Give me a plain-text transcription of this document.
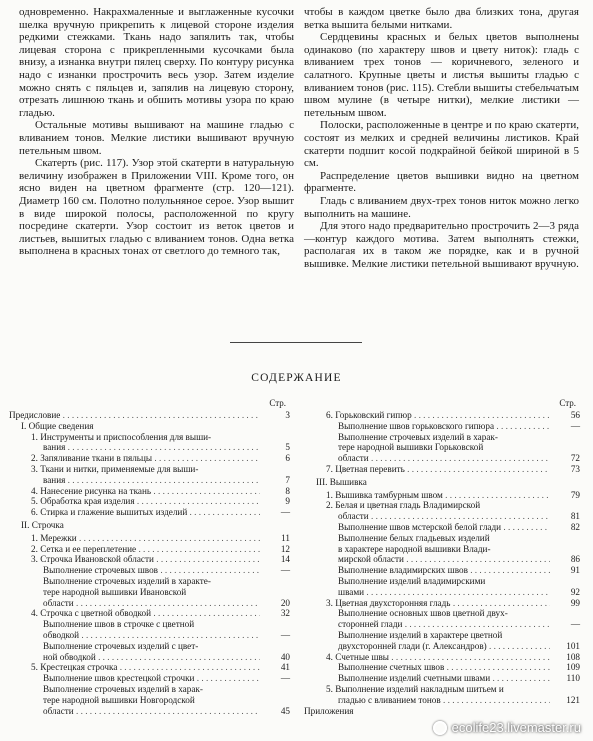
одновременно. Накрахмаленные и выглаженные кусочки шелка вручную прикрепить к лицевой стороне изделия редкими стежками. Ткань надо запялить так, чтобы лицевая сторона с прикрепленными кусочками была внизу, а изнанка внутри пялец сверху. По контуру рисунка надо с изнанки прострочить весь узор. Затем изделие можно снять с пяльцев и, запялив на лицевую сторону, отрезать лишнюю ткань и обшить мотивы узора по краю гладью.

Остальные мотивы вышивают на машине гладью с вливанием тонов. Мелкие листики вышивают вручную петельным швом.

Скатерть (рис. 117). Узор этой скатерти в натуральную величину изображен в Приложении VIII. Кроме того, он ясно виден на цветном фрагменте (стр. 120—121). Диаметр 160 см. Полотно полульняное серое. Узор вышит в виде широкой полосы, расположенной по кругу посредине скатерти. Узор состоит из веток цветов и листьев, вышитых гладью с вливанием тонов. Одна ветка выполнена в красных тонах от светлого до темного так,

чтобы в каждом цветке было два близких тона, другая ветка вышита белыми нитками.

Сердцевины красных и белых цветов выполнены одинаково (по характеру швов и цвету ниток): гладь с вливанием трех тонов — коричневого, зеленого и салатного. Крупные цветы и листья вышиты гладью с вливанием тонов (рис. 115). Стебли вышиты стебельчатым швом мулине (в четыре нитки), мелкие листики — петельным швом.

Полоски, расположенные в центре и по краю скатерти, состоят из мелких и средней величины листиков. Край скатерти подшит косой подкрайной бейкой шириной в 5 см.

Распределение цветов вышивки видно на цветном фрагменте.

Гладь с вливанием двух-трех тонов ниток можно легко выполнить на машине.

Для этого надо предварительно прострочить 2—3 ряда—контур каждого мотива. Затем выполнять стежки, располагая их в таком же порядке, как и в ручной вышивке. Мелкие листики петельной вышивают вручную.

СОДЕРЖАНИЕ
Стр.
Предисловие . . .	3
I. Общие сведения
1. Инструменты и приспособления для выши-
вания . . .	5
2. Запяливание ткани в пяльцы . . .	6
3. Ткани и нитки, применяемые для выши-
вания . . .	7
4. Нанесение рисунка на ткань . . .	8
5. Обработка края изделия . . .	9
6. Стирка и глажение вышитых изделий . . .	—
II. Строчка
1. Мережки . . .	11
2. Сетка и ее переплетение . . .	12
3. Строчка Ивановской области . . .	14
Выполнение строчевых швов . . .	—
Выполнение строчевых изделий в характе-
тере народной вышивки Ивановской
области . . .	20
4. Строчка с цветной обводкой . . .	32
Выполнение швов в строчке с цветной
обводкой . . .	—
Выполнение строчевых изделий с цвет-
ной обводкой . . .	40
5. Крестецкая строчка . . .	41
Выполнение швов крестецкой строчки . . .	—
Выполнение строчевых изделий в харак-
тере народной вышивки Новгородской
области . . .	45
Стр.
6. Горьковский гипюр . . .	56
Выполнение швов горьковского гипюра . . .	—
Выполнение строчевых изделий в харак-
тере народной вышивки Горьковской
области . . .	72
7. Цветная перевить . . .	73
III. Вышивка
1. Вышивка тамбурным швом . . .	79
2. Белая и цветная гладь Владимирской
области . . .	81
Выполнение швов мстерской белой глади . . .	82
Выполнение белых гладьевых изделий
в характере народной вышивки Влади-
мирской области . . .	86
Выполнение владимирских швов . . .	91
Выполнение изделий владимирскими
швами . . .	92
3. Цветная двухсторонняя гладь . . .	99
Выполнение основных швов цветной двух-
сторонней глади . . .	—
Выполнение изделий в характере цветной
двухсторонней глади (г. Александров) . . .	101
4. Счетные швы . . .	108
Выполнение счетных швов . . .	109
Выполнение изделий счетными швами . . .	110
5. Выполнение изделий накладным шитьем и
гладью с вливанием тонов . . .	121
Приложения
ecolife23.livemaster.ru
